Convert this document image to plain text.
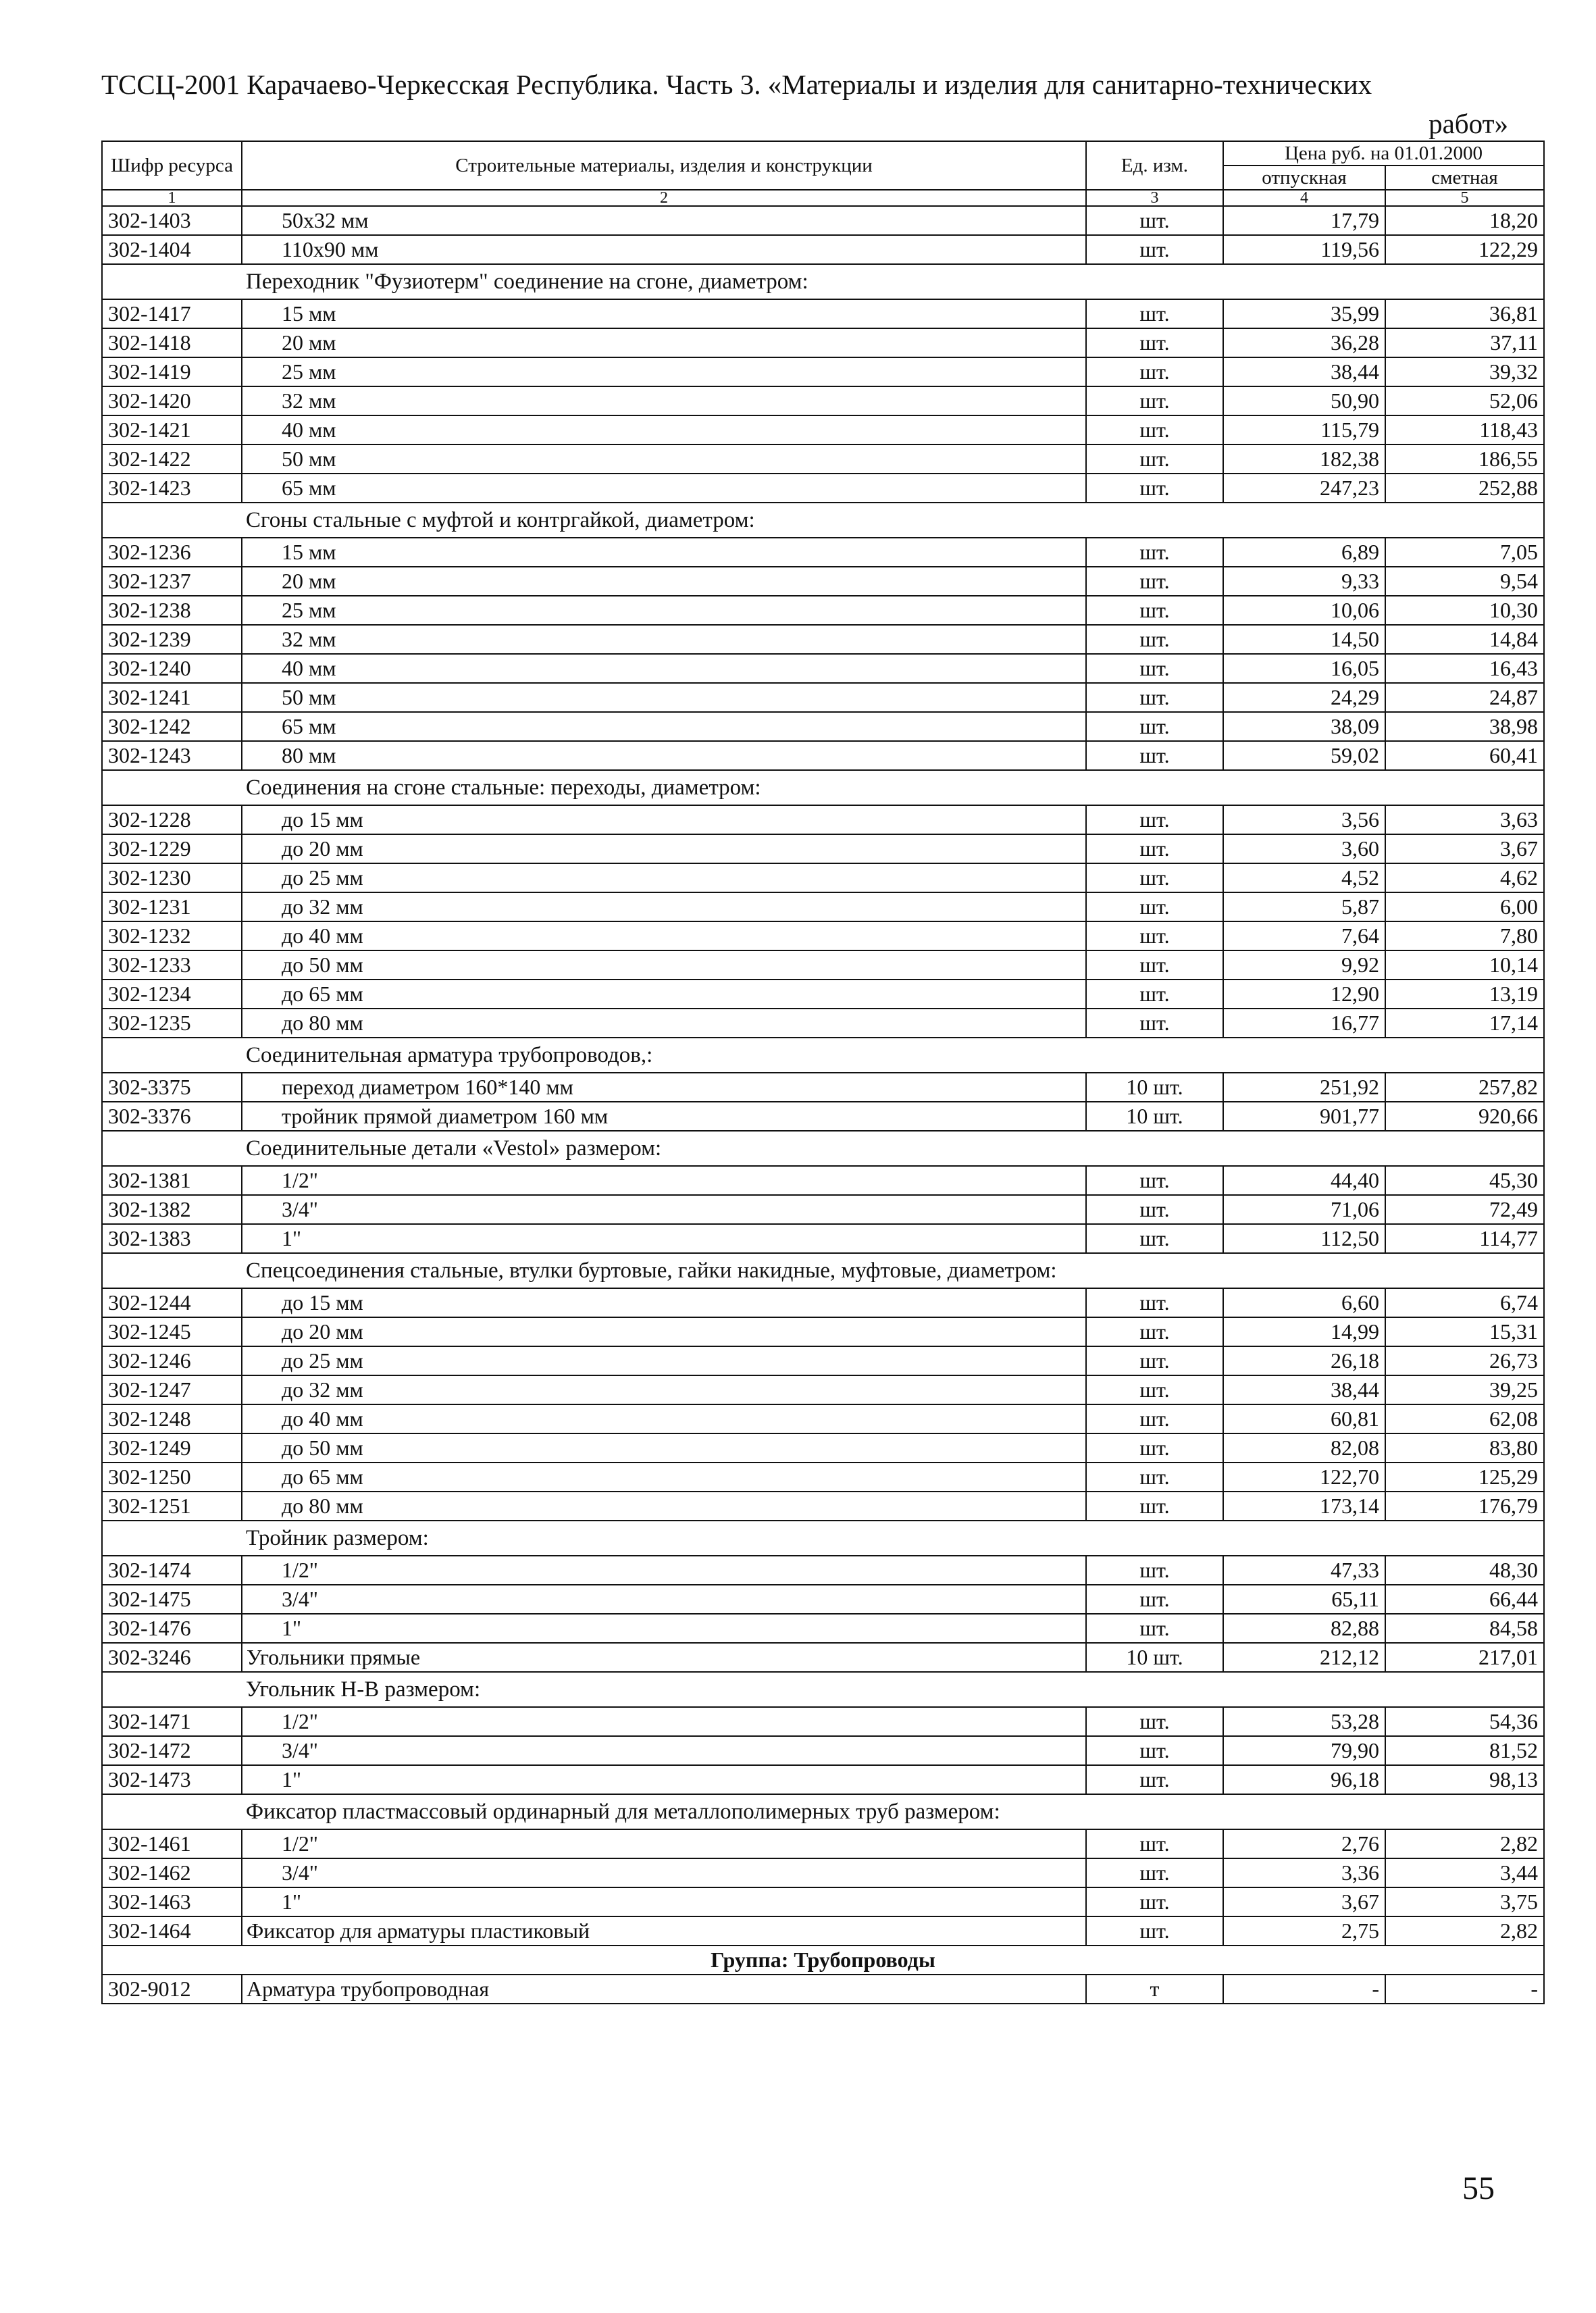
ТССЦ-2001 Карачаево-Черкесская Республика. Часть 3. «Материалы и изделия для санитарно-технических
работ»
Шифр ресурса	Строительные материалы, изделия и конструкции	Ед. изм.	Цена руб. на 01.01.2000	
			отпускная	сметная
1	2	3	4	5
302-1403	50x32 мм	шт.	17,79	18,20
302-1404	110x90 мм	шт.	119,56	122,29
Переходник "Фузиотерм" соединение на сгоне, диаметром:				
302-1417	15 мм	шт.	35,99	36,81
302-1418	20 мм	шт.	36,28	37,11
302-1419	25 мм	шт.	38,44	39,32
302-1420	32 мм	шт.	50,90	52,06
302-1421	40 мм	шт.	115,79	118,43
302-1422	50 мм	шт.	182,38	186,55
302-1423	65 мм	шт.	247,23	252,88
Сгоны стальные с муфтой и контргайкой, диаметром:				
302-1236	15 мм	шт.	6,89	7,05
302-1237	20 мм	шт.	9,33	9,54
302-1238	25 мм	шт.	10,06	10,30
302-1239	32 мм	шт.	14,50	14,84
302-1240	40 мм	шт.	16,05	16,43
302-1241	50 мм	шт.	24,29	24,87
302-1242	65 мм	шт.	38,09	38,98
302-1243	80 мм	шт.	59,02	60,41
Соединения на сгоне стальные: переходы, диаметром:				
302-1228	до 15 мм	шт.	3,56	3,63
302-1229	до 20 мм	шт.	3,60	3,67
302-1230	до 25 мм	шт.	4,52	4,62
302-1231	до 32 мм	шт.	5,87	6,00
302-1232	до 40 мм	шт.	7,64	7,80
302-1233	до 50 мм	шт.	9,92	10,14
302-1234	до 65 мм	шт.	12,90	13,19
302-1235	до 80 мм	шт.	16,77	17,14
Соединительная арматура трубопроводов,:				
302-3375	переход диаметром 160*140 мм	10 шт.	251,92	257,82
302-3376	тройник прямой диаметром 160 мм	10 шт.	901,77	920,66
Соединительные детали «Vestol» размером:				
302-1381	1/2"	шт.	44,40	45,30
302-1382	3/4"	шт.	71,06	72,49
302-1383	1"	шт.	112,50	114,77
Спецсоединения стальные, втулки буртовые, гайки накидные, муфтовые, диаметром:				
302-1244	до 15 мм	шт.	6,60	6,74
302-1245	до 20 мм	шт.	14,99	15,31
302-1246	до 25 мм	шт.	26,18	26,73
302-1247	до 32 мм	шт.	38,44	39,25
302-1248	до 40 мм	шт.	60,81	62,08
302-1249	до 50 мм	шт.	82,08	83,80
302-1250	до 65 мм	шт.	122,70	125,29
302-1251	до 80 мм	шт.	173,14	176,79
Тройник размером:				
302-1474	1/2"	шт.	47,33	48,30
302-1475	3/4"	шт.	65,11	66,44
302-1476	1"	шт.	82,88	84,58
302-3246	Угольники прямые	10 шт.	212,12	217,01
Угольник Н-В размером:				
302-1471	1/2"	шт.	53,28	54,36
302-1472	3/4"	шт.	79,90	81,52
302-1473	1"	шт.	96,18	98,13
Фиксатор пластмассовый ординарный для металлополимерных труб размером:				
302-1461	1/2"	шт.	2,76	2,82
302-1462	3/4"	шт.	3,36	3,44
302-1463	1"	шт.	3,67	3,75
302-1464	Фиксатор для арматуры пластиковый	шт.	2,75	2,82
Группа: Трубопроводы				
302-9012	Арматура трубопроводная	т	-	-
55
